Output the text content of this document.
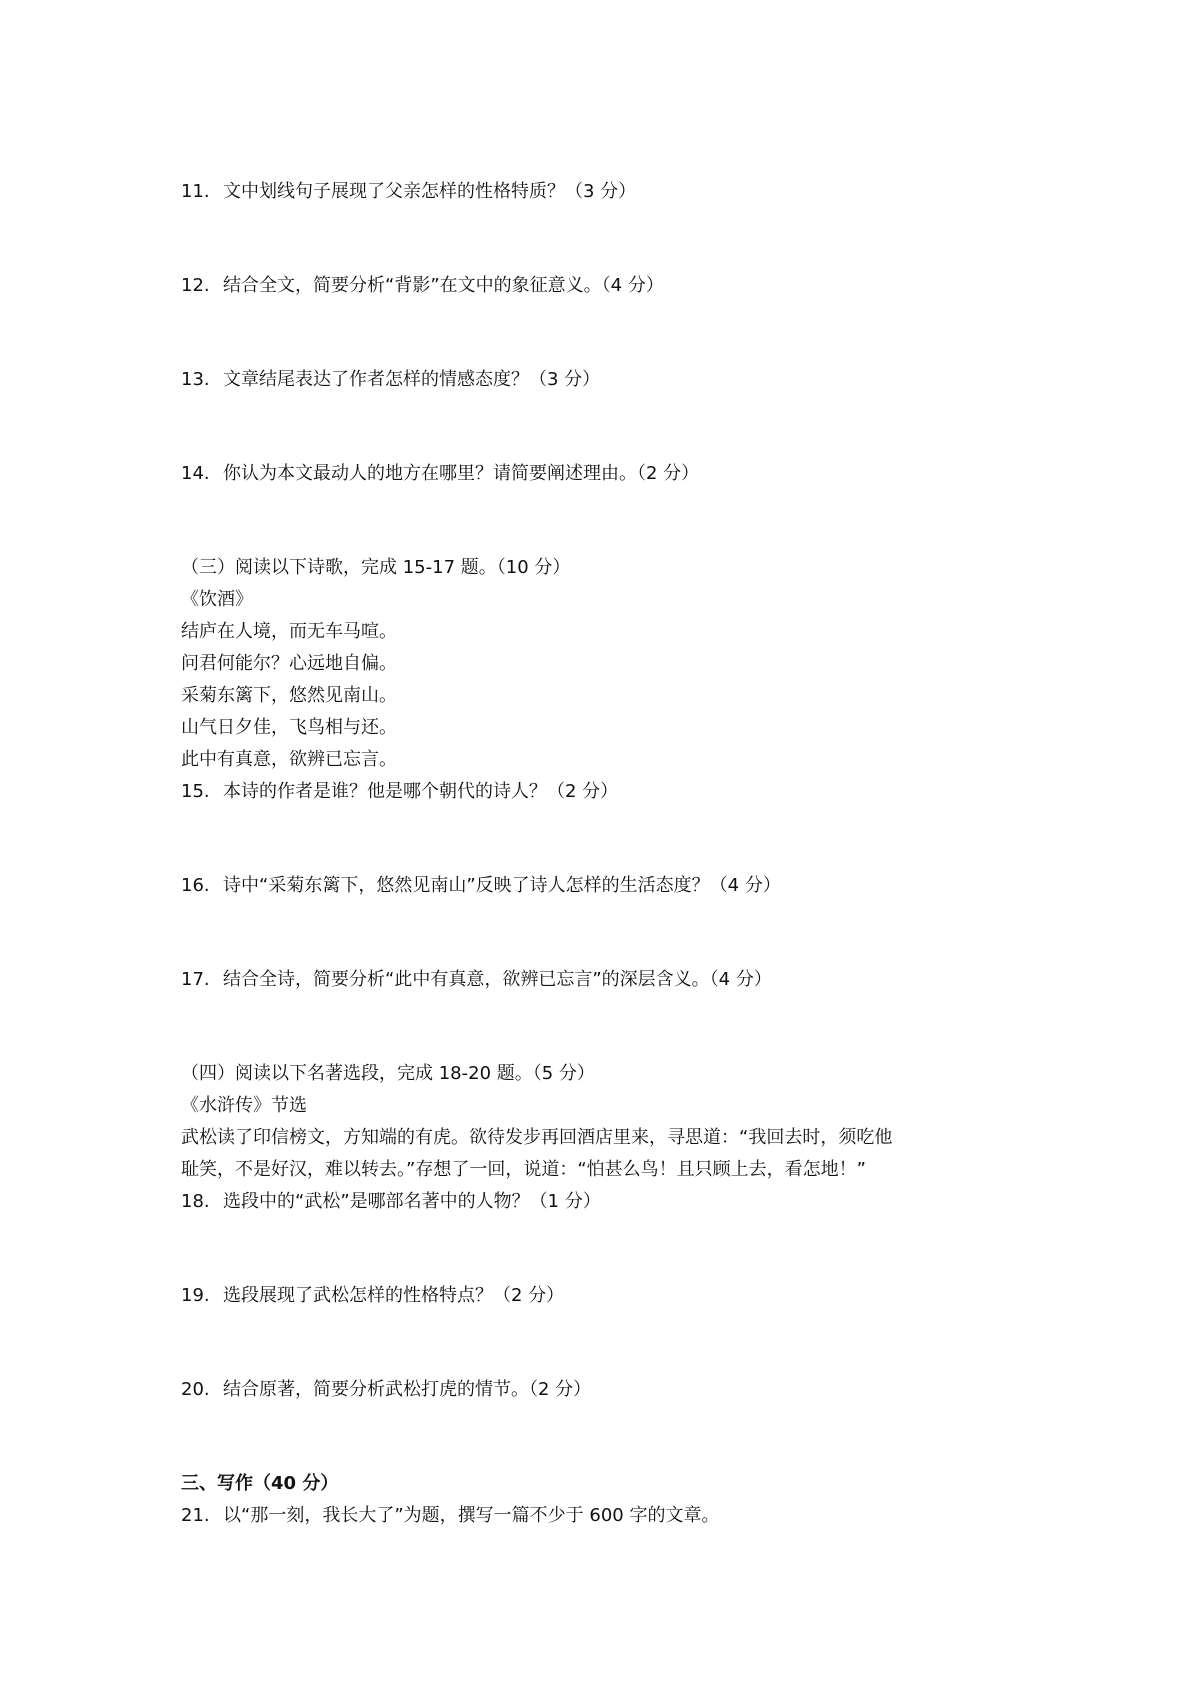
11. 文中划线句子展现了父亲怎样的性格特质？（3 分）
12. 结合全文，简要分析“背影”在文中的象征意义。（4 分）
13. 文章结尾表达了作者怎样的情感态度？（3 分）
14. 你认为本文最动人的地方在哪里？请简要阐述理由。（2 分）
（三）阅读以下诗歌，完成 15-17 题。（10 分）
《饮酒》
结庐在人境，而无车马喧。
问君何能尔？心远地自偏。
采菊东篱下，悠然见南山。
山气日夕佳，飞鸟相与还。
此中有真意，欲辨已忘言。
15. 本诗的作者是谁？他是哪个朝代的诗人？（2 分）
16. 诗中“采菊东篱下，悠然见南山”反映了诗人怎样的生活态度？（4 分）
17. 结合全诗，简要分析“此中有真意，欲辨已忘言”的深层含义。（4 分）
（四）阅读以下名著选段，完成 18-20 题。（5 分）
《水浒传》节选
武松读了印信榜文，方知端的有虎。欲待发步再回酒店里来，寻思道：“我回去时，须吃他
耻笑，不是好汉，难以转去。”存想了一回，说道：“怕甚么鸟！且只顾上去，看怎地！”
18. 选段中的“武松”是哪部名著中的人物？（1 分）
19. 选段展现了武松怎样的性格特点？（2 分）
20. 结合原著，简要分析武松打虎的情节。（2 分）
三、写作（40 分）
21. 以“那一刻，我长大了”为题，撰写一篇不少于 600 字的文章。
